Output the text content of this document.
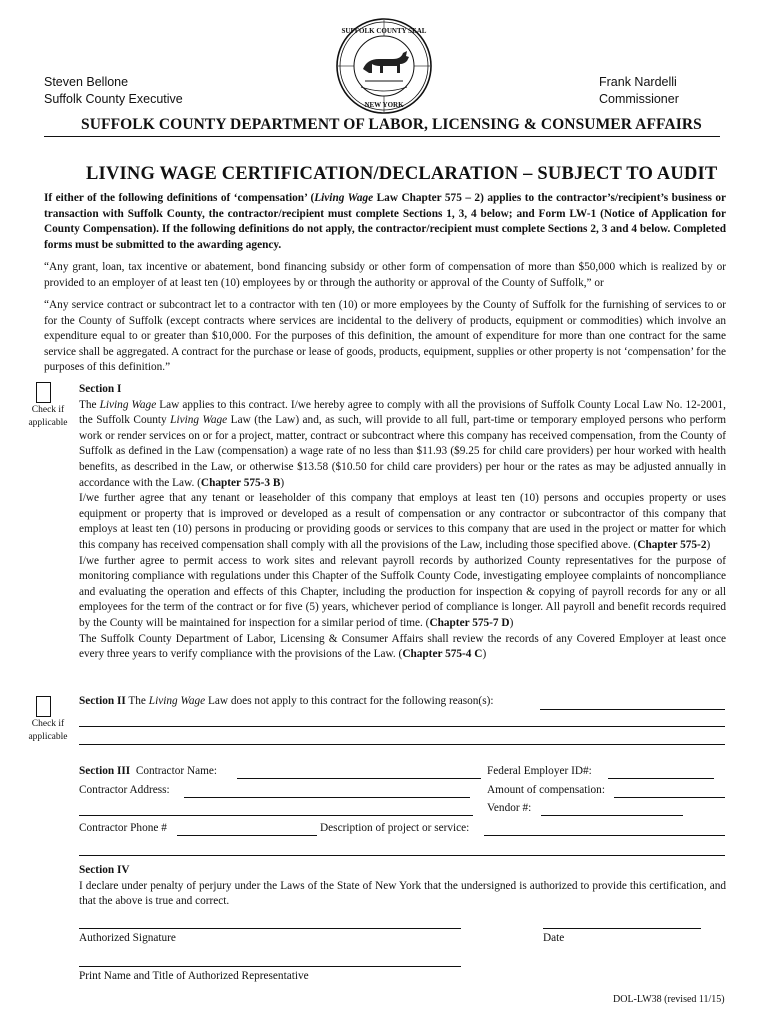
Steven Bellone
Suffolk County Executive
Frank Nardelli
Commissioner
SUFFOLK COUNTY SEAL
NEW YORK
SUFFOLK COUNTY DEPARTMENT OF LABOR, LICENSING & CONSUMER AFFAIRS
LIVING WAGE CERTIFICATION/DECLARATION – SUBJECT TO AUDIT
If either of the following definitions of ‘compensation’ (Living Wage Law Chapter 575 – 2) applies to the contractor’s/recipient’s business or transaction with Suffolk County, the contractor/recipient must complete Sections 1, 3, 4 below; and Form LW-1 (Notice of Application for County Compensation). If the following definitions do not apply, the contractor/recipient must complete Sections 2, 3 and 4 below. Completed forms must be submitted to the awarding agency.
“Any grant, loan, tax incentive or abatement, bond financing subsidy or other form of compensation of more than $50,000 which is realized by or provided to an employer of at least ten (10) employees by or through the authority or approval of the County of Suffolk,” or
“Any service contract or subcontract let to a contractor with ten (10) or more employees by the County of Suffolk for the furnishing of services to or for the County of Suffolk (except contracts where services are incidental to the delivery of products, equipment or commodities) which involve an expenditure equal to or greater than $10,000. For the purposes of this definition, the amount of expenditure for more than one contract for the same service shall be aggregated. A contract for the purchase or lease of goods, products, equipment, supplies or other property is not ‘compensation’ for the purposes of this definition.”
Check if applicable
Section I
The Living Wage Law applies to this contract. I/we hereby agree to comply with all the provisions of Suffolk County Local Law No. 12-2001, the Suffolk County Living Wage Law (the Law) and, as such, will provide to all full, part-time or temporary employed persons who perform work or render services on or for a project, matter, contract or subcontract where this company has received compensation, from the County of Suffolk as defined in the Law (compensation) a wage rate of no less than $11.93 ($9.25 for child care providers) per hour worked with health benefits, as described in the Law, or otherwise $13.58 ($10.50 for child care providers) per hour or the rates as may be adjusted annually in accordance with the Law. (Chapter 575-3 B)
I/we further agree that any tenant or leaseholder of this company that employs at least ten (10) persons and occupies property or uses equipment or property that is improved or developed as a result of compensation or any contractor or subcontractor of this company that employs at least ten (10) persons in producing or providing goods or services to this company that are used in the project or matter for which this company has received compensation shall comply with all the provisions of the Law, including those specified above. (Chapter 575-2)
I/we further agree to permit access to work sites and relevant payroll records by authorized County representatives for the purpose of monitoring compliance with regulations under this Chapter of the Suffolk County Code, investigating employee complaints of noncompliance and evaluating the operation and effects of this Chapter, including the production for inspection & copying of payroll records for any or all employees for the term of the contract or for five (5) years, whichever period of compliance is longer. All payroll and benefit records required by the County will be maintained for inspection for a similar period of time. (Chapter 575-7 D)
The Suffolk County Department of Labor, Licensing & Consumer Affairs shall review the records of any Covered Employer at least once every three years to verify compliance with the provisions of the Law. (Chapter 575-4 C)
Check if applicable
Section II The Living Wage Law does not apply to this contract for the following reason(s):
Section III Contractor Name:	Federal Employer ID#:
Contractor Address:	Amount of compensation:
Vendor #:
Contractor Phone #	Description of project or service:
Section IV
I declare under penalty of perjury under the Laws of the State of New York that the undersigned is authorized to provide this certification, and that the above is true and correct.
Authorized Signature	Date
Print Name and Title of Authorized Representative
DOL-LW38 (revised 11/15)
